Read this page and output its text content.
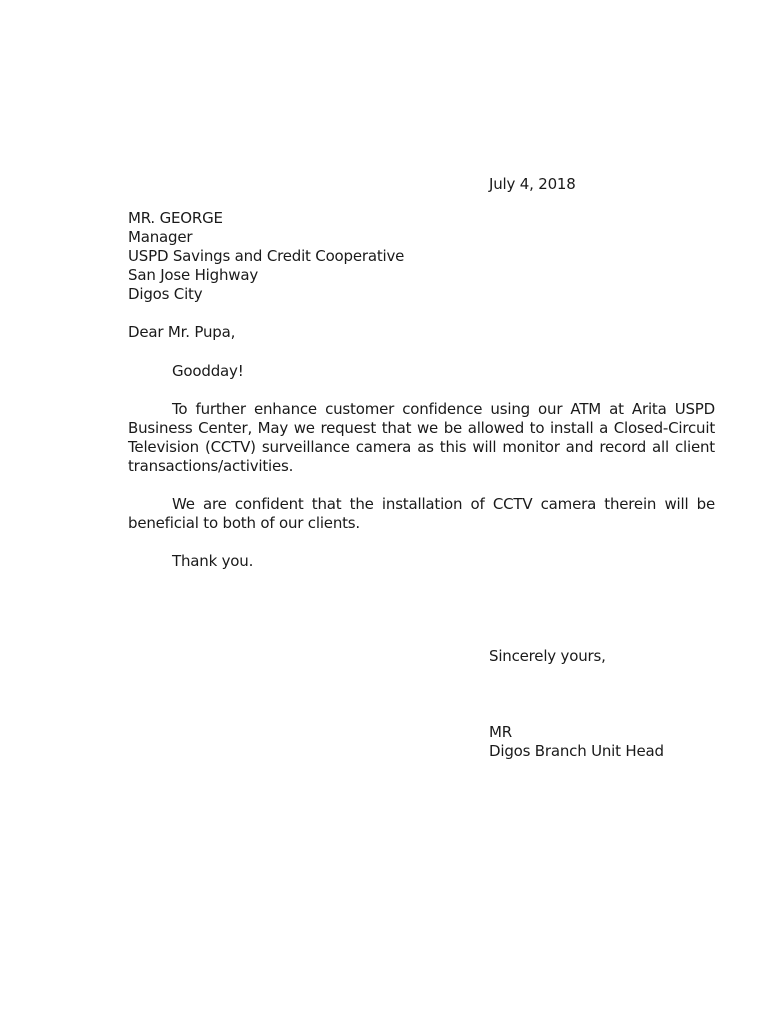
July 4, 2018
MR. GEORGE
Manager
USPD Savings and Credit Cooperative
San Jose Highway
Digos City
Dear Mr. Pupa,
Goodday!
To further enhance customer confidence using our ATM at Arita USPD Business Center, May we request that we be allowed to install a Closed-Circuit Television (CCTV) surveillance camera as this will monitor and record all client transactions/activities.
We are confident that the installation of CCTV camera therein will be beneficial to both of our clients.
Thank you.
Sincerely yours,
MR
Digos Branch Unit Head
